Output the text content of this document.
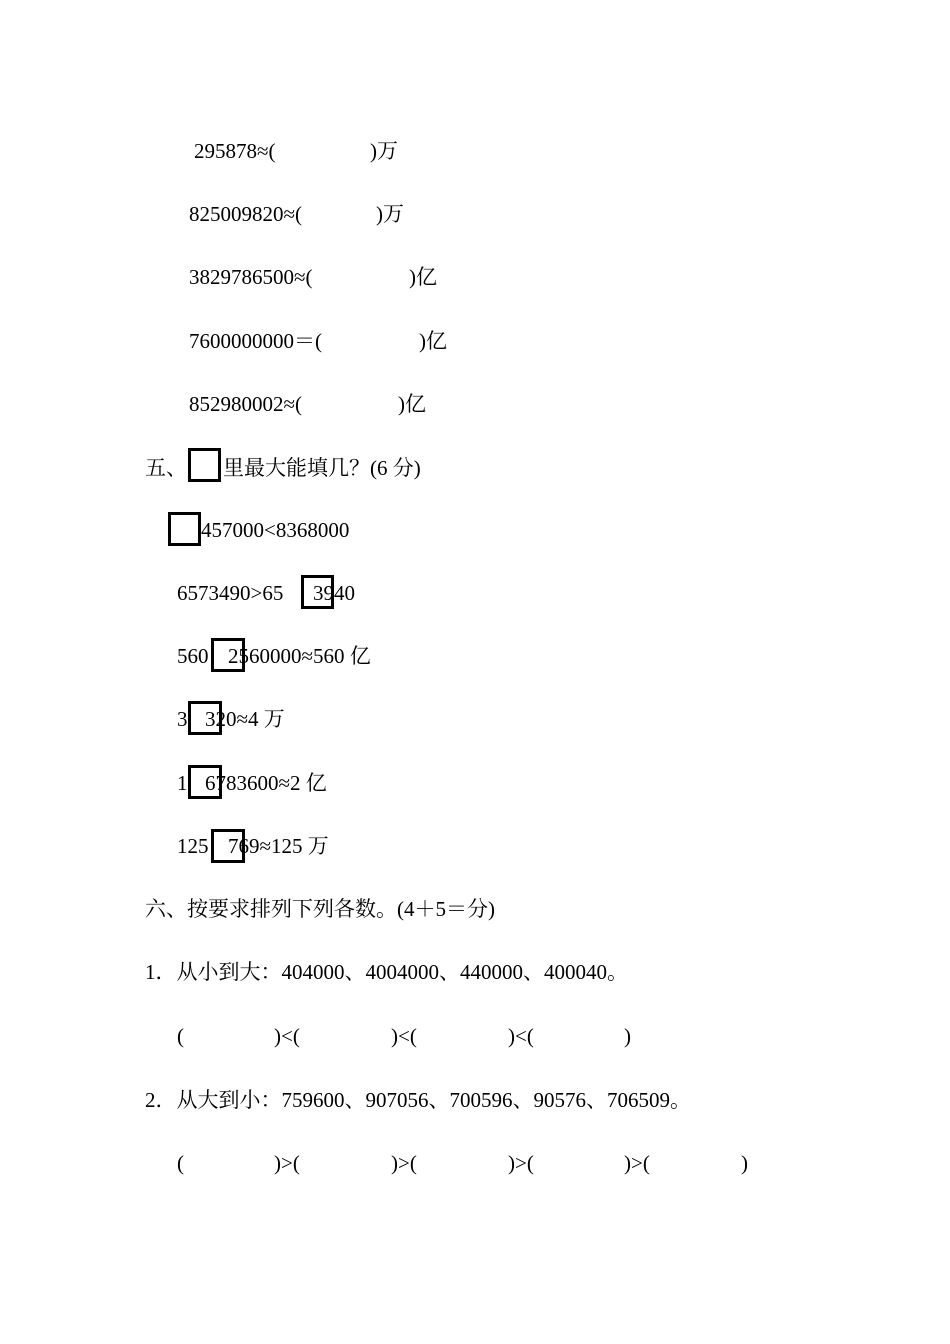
295878≈(	)万
825009820≈(	)万
3829786500≈(	)亿
7600000000＝(	)亿
852980002≈(	)亿
五、 里最大能填几？(6 分)
457000<8368000
6573490>65 3940
560 2560000≈560 亿
3 320≈4 万
1 6783600≈2 亿
125 769≈125 万
六、按要求排列下列各数。(4＋5＝分)
1．从小到大：404000、4004000、440000、400040。
(	)<(	)<(	)<(	)
2．从大到小：759600、907056、700596、90576、706509。
(	)>(	)>(	)>(	)>(	)
